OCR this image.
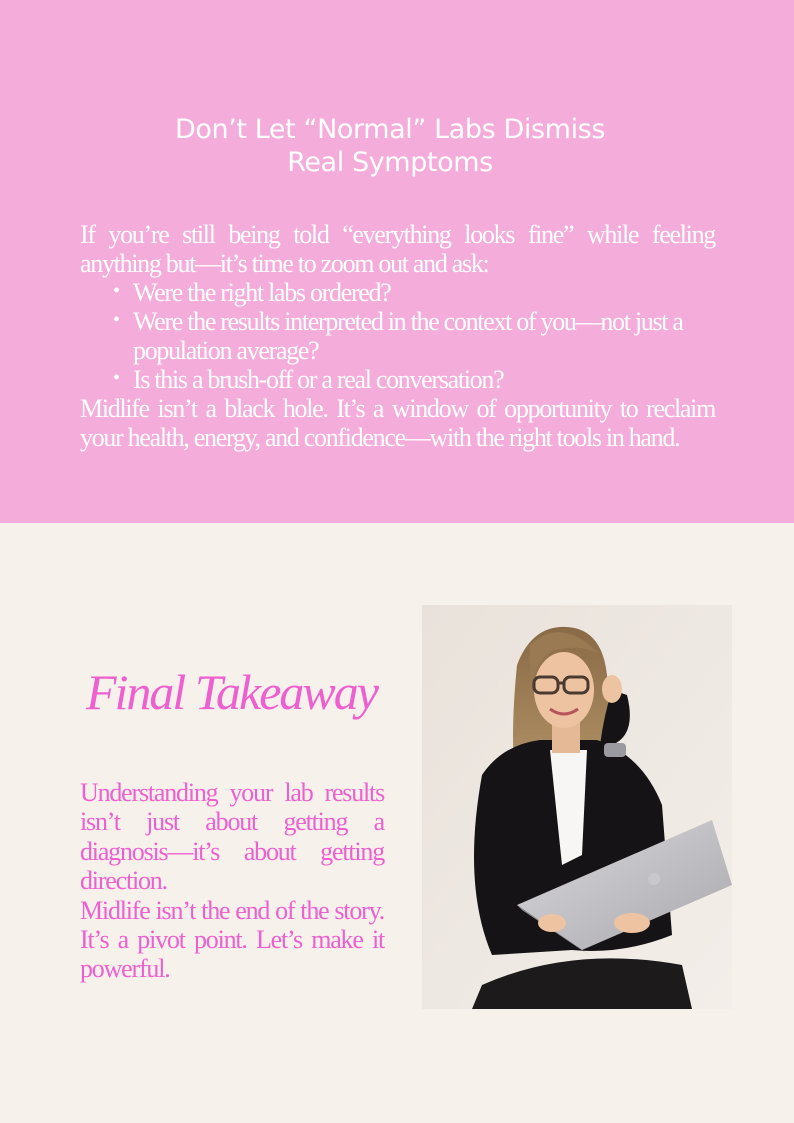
Don’t Let “Normal” Labs Dismiss
Real Symptoms

If you’re still being told “everything looks fine” while feeling anything but—it’s time to zoom out and ask:

• Were the right labs ordered?
• Were the results interpreted in the context of you—not just a population average?
• Is this a brush-off or a real conversation?

Midlife isn’t a black hole. It’s a window of opportunity to reclaim your health, energy, and confidence—with the right tools in hand.

Final Takeaway

Understanding your lab results isn’t just about getting a diagnosis—it’s about getting direction.

Midlife isn’t the end of the story. It’s a pivot point. Let’s make it powerful.
